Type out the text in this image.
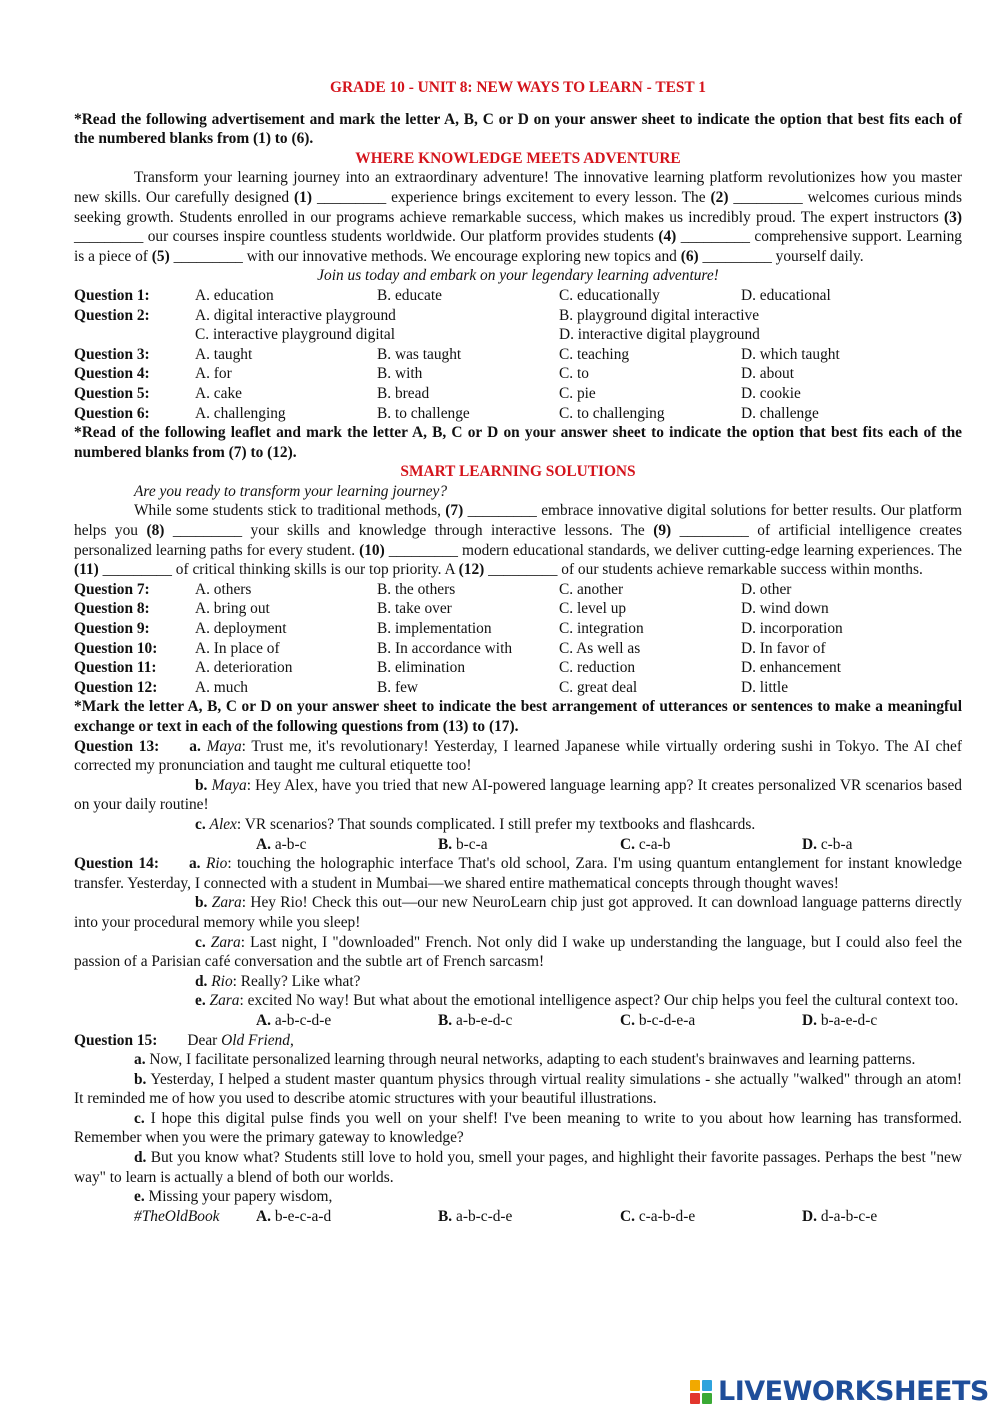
GRADE 10 - UNIT 8: NEW WAYS TO LEARN - TEST 1
*Read the following advertisement and mark the letter A, B, C or D on your answer sheet to indicate the option that best fits each of the numbered blanks from (1) to (6).
WHERE KNOWLEDGE MEETS ADVENTURE
Transform your learning journey into an extraordinary adventure! The innovative learning platform revolutionizes how you master new skills. Our carefully designed (1) _________ experience brings excitement to every lesson. The (2) _________ welcomes curious minds seeking growth. Students enrolled in our programs achieve remarkable success, which makes us incredibly proud. The expert instructors (3) _________ our courses inspire countless students worldwide. Our platform provides students (4) _________ comprehensive support. Learning is a piece of (5) _________ with our innovative methods. We encourage exploring new topics and (6) _________ yourself daily.
Join us today and embark on your legendary learning adventure!
Question 1:	A. education	B. educate	C. educationally	D. educational
Question 2:	A. digital interactive playground	B. playground digital interactive
C. interactive playground digital	D. interactive digital playground
Question 3:	A. taught	B. was taught	C. teaching	D. which taught
Question 4:	A. for	B. with	C. to	D. about
Question 5:	A. cake	B. bread	C. pie	D. cookie
Question 6:	A. challenging	B. to challenge	C. to challenging	D. challenge
*Read of the following leaflet and mark the letter A, B, C or D on your answer sheet to indicate the option that best fits each of the numbered blanks from (7) to (12).
SMART LEARNING SOLUTIONS
Are you ready to transform your learning journey?
While some students stick to traditional methods, (7) _________ embrace innovative digital solutions for better results. Our platform helps you (8) _________ your skills and knowledge through interactive lessons. The (9) _________ of artificial intelligence creates personalized learning paths for every student. (10) _________ modern educational standards, we deliver cutting-edge learning experiences. The (11) _________ of critical thinking skills is our top priority. A (12) _________ of our students achieve remarkable success within months.
Question 7:	A. others	B. the others	C. another	D. other
Question 8:	A. bring out	B. take over	C. level up	D. wind down
Question 9:	A. deployment	B. implementation	C. integration	D. incorporation
Question 10:	A. In place of	B. In accordance with	C. As well as	D. In favor of
Question 11:	A. deterioration	B. elimination	C. reduction	D. enhancement
Question 12:	A. much	B. few	C. great deal	D. little
*Mark the letter A, B, C or D on your answer sheet to indicate the best arrangement of utterances or sentences to make a meaningful exchange or text in each of the following questions from (13) to (17).
Question 13: a. Maya: Trust me, it's revolutionary! Yesterday, I learned Japanese while virtually ordering sushi in Tokyo. The AI chef corrected my pronunciation and taught me cultural etiquette too!
b. Maya: Hey Alex, have you tried that new AI-powered language learning app? It creates personalized VR scenarios based on your daily routine!
c. Alex: VR scenarios? That sounds complicated. I still prefer my textbooks and flashcards.
A. a-b-c	B. b-c-a	C. c-a-b	D. c-b-a
Question 14: a. Rio: touching the holographic interface That's old school, Zara. I'm using quantum entanglement for instant knowledge transfer. Yesterday, I connected with a student in Mumbai—we shared entire mathematical concepts through thought waves!
b. Zara: Hey Rio! Check this out—our new NeuroLearn chip just got approved. It can download language patterns directly into your procedural memory while you sleep!
c. Zara: Last night, I "downloaded" French. Not only did I wake up understanding the language, but I could also feel the passion of a Parisian café conversation and the subtle art of French sarcasm!
d. Rio: Really? Like what?
e. Zara: excited No way! But what about the emotional intelligence aspect? Our chip helps you feel the cultural context too.
A. a-b-c-d-e	B. a-b-e-d-c	C. b-c-d-e-a	D. b-a-e-d-c
Question 15: Dear Old Friend,
a. Now, I facilitate personalized learning through neural networks, adapting to each student's brainwaves and learning patterns.
b. Yesterday, I helped a student master quantum physics through virtual reality simulations - she actually "walked" through an atom! It reminded me of how you used to describe atomic structures with your beautiful illustrations.
c. I hope this digital pulse finds you well on your shelf! I've been meaning to write to you about how learning has transformed. Remember when you were the primary gateway to knowledge?
d. But you know what? Students still love to hold you, smell your pages, and highlight their favorite passages. Perhaps the best "new way" to learn is actually a blend of both our worlds.
e. Missing your papery wisdom,
#TheOldBook	A. b-e-c-a-d	B. a-b-c-d-e	C. c-a-b-d-e	D. d-a-b-c-e
LIVEWORKSHEETS
